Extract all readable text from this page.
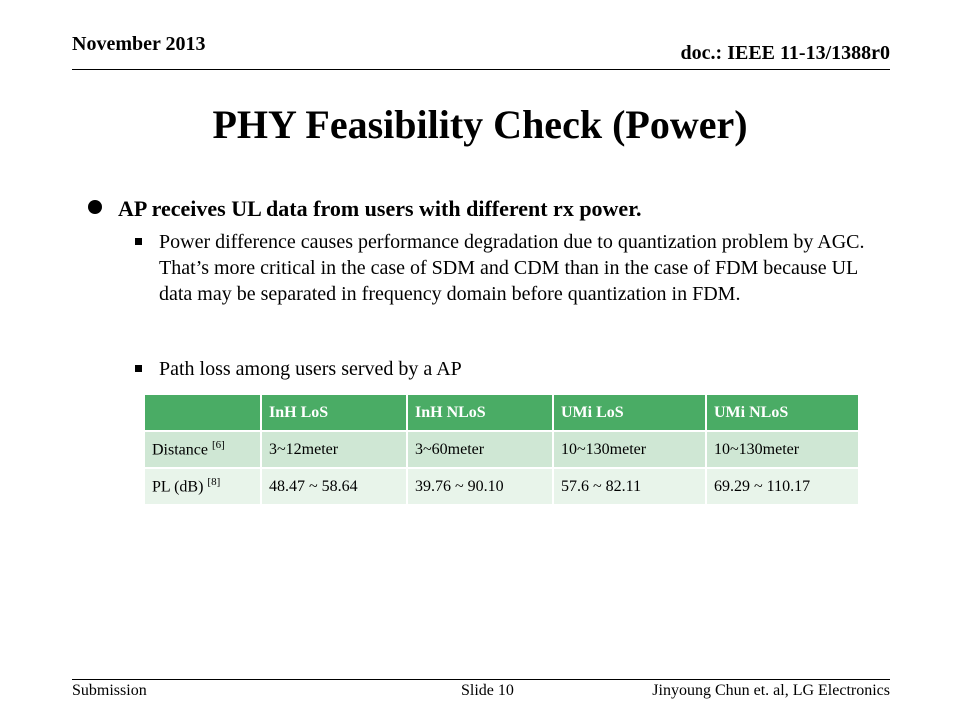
November 2013	doc.: IEEE 11-13/1388r0
PHY Feasibility Check (Power)
AP receives UL data from users with different rx power.
Power difference causes performance degradation due to quantization problem by AGC. That’s more critical in the case of SDM and CDM than in the case of FDM because UL data may be separated in frequency domain before quantization in FDM.
Path loss among users served by a AP
	InH LoS	InH NLoS	UMi LoS	UMi NLoS
Distance [6]	3~12meter	3~60meter	10~130meter	10~130meter
PL (dB) [8]	48.47 ~ 58.64	39.76 ~ 90.10	57.6 ~ 82.11	69.29 ~ 110.17
Submission	Slide 10	Jinyoung Chun et. al, LG Electronics
